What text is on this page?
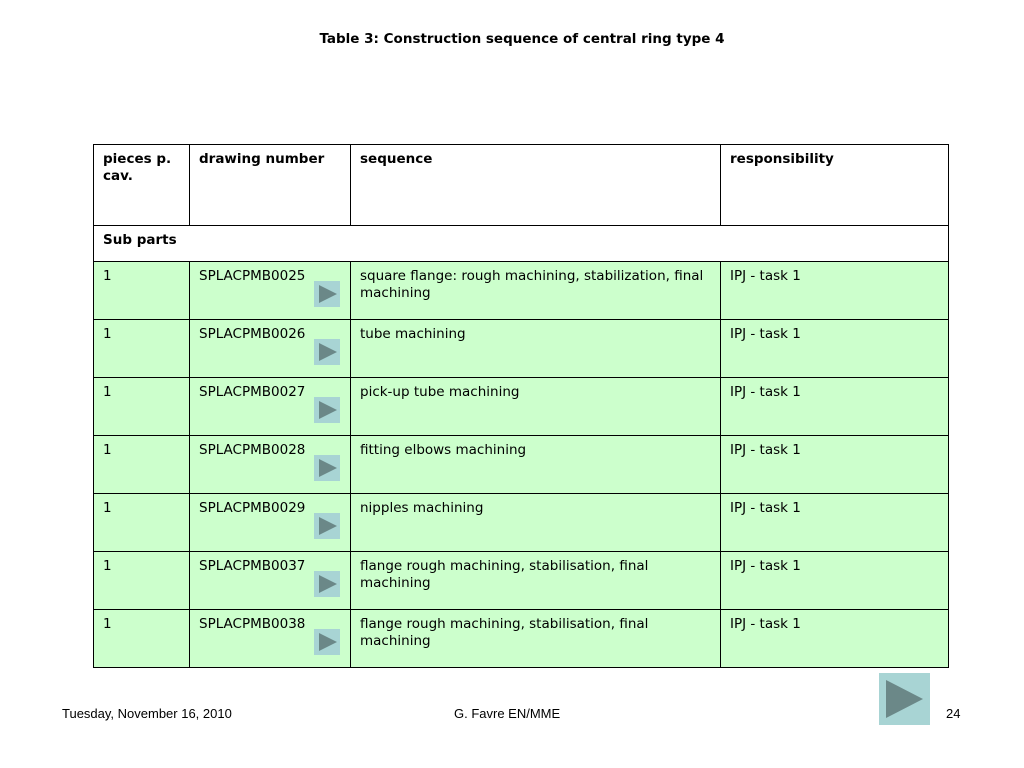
Table 3: Construction sequence of central ring type 4
pieces p. cav.	drawing number	sequence	responsibility
Sub parts			
1	SPLACPMB0025	square flange: rough machining, stabilization, final machining	IPJ - task 1
1	SPLACPMB0026	tube machining	IPJ - task 1
1	SPLACPMB0027	pick-up tube machining	IPJ - task 1
1	SPLACPMB0028	fitting elbows machining	IPJ - task 1
1	SPLACPMB0029	nipples machining	IPJ - task 1
1	SPLACPMB0037	flange rough machining, stabilisation, final machining	IPJ - task 1
1	SPLACPMB0038	flange rough machining, stabilisation, final machining	IPJ - task 1
Tuesday, November 16, 2010	G. Favre EN/MME	24
